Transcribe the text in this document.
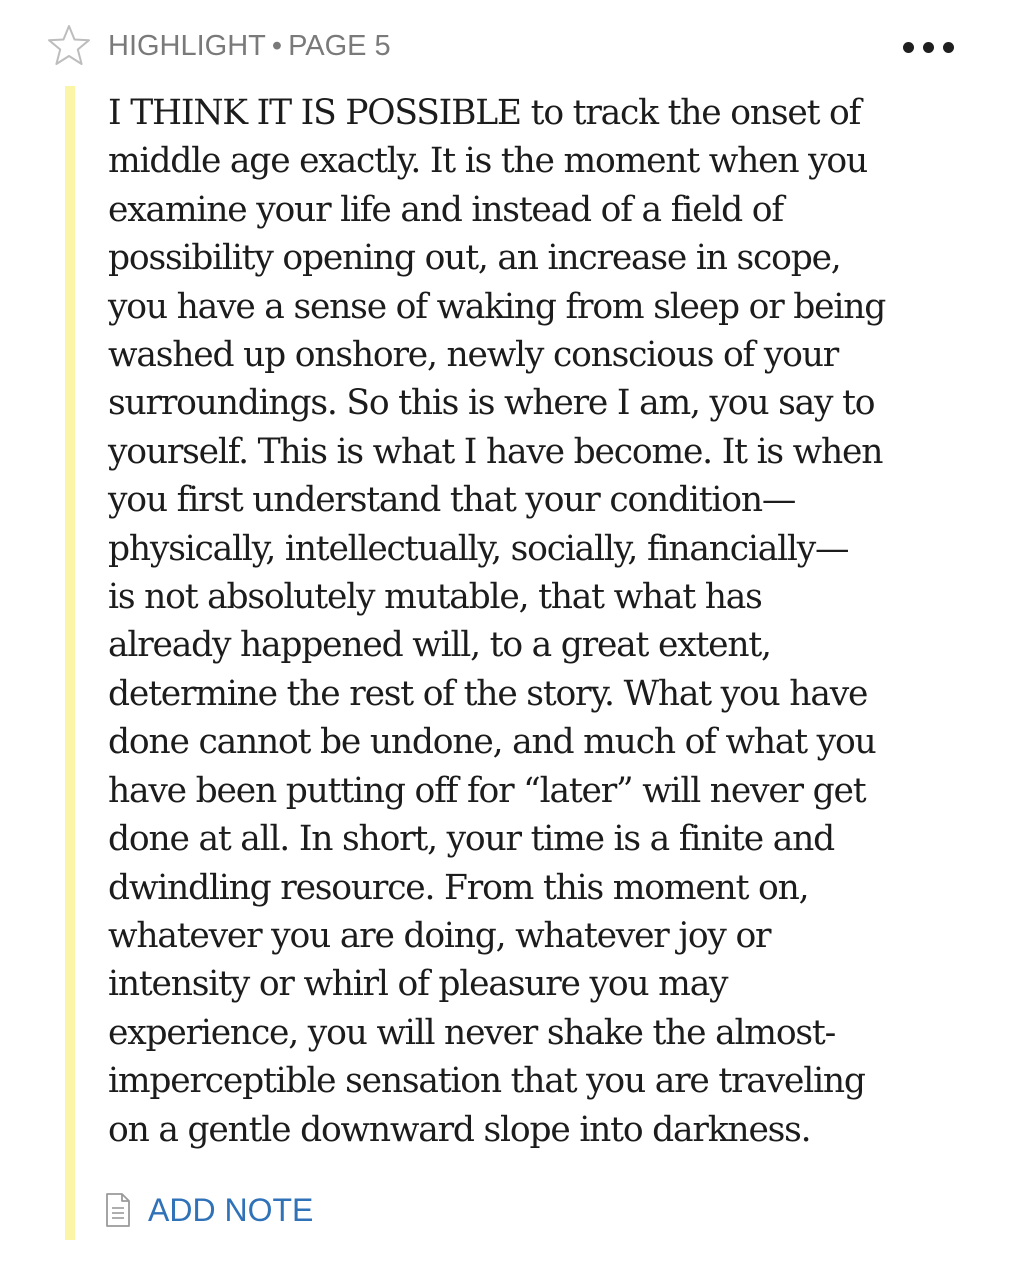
HIGHLIGHT • PAGE 5

I THINK IT IS POSSIBLE to track the onset of
middle age exactly. It is the moment when you
examine your life and instead of a field of
possibility opening out, an increase in scope,
you have a sense of waking from sleep or being
washed up onshore, newly conscious of your
surroundings. So this is where I am, you say to
yourself. This is what I have become. It is when
you first understand that your condition—
physically, intellectually, socially, financially—
is not absolutely mutable, that what has
already happened will, to a great extent,
determine the rest of the story. What you have
done cannot be undone, and much of what you
have been putting off for “later” will never get
done at all. In short, your time is a finite and
dwindling resource. From this moment on,
whatever you are doing, whatever joy or
intensity or whirl of pleasure you may
experience, you will never shake the almost-
imperceptible sensation that you are traveling
on a gentle downward slope into darkness.

ADD NOTE
